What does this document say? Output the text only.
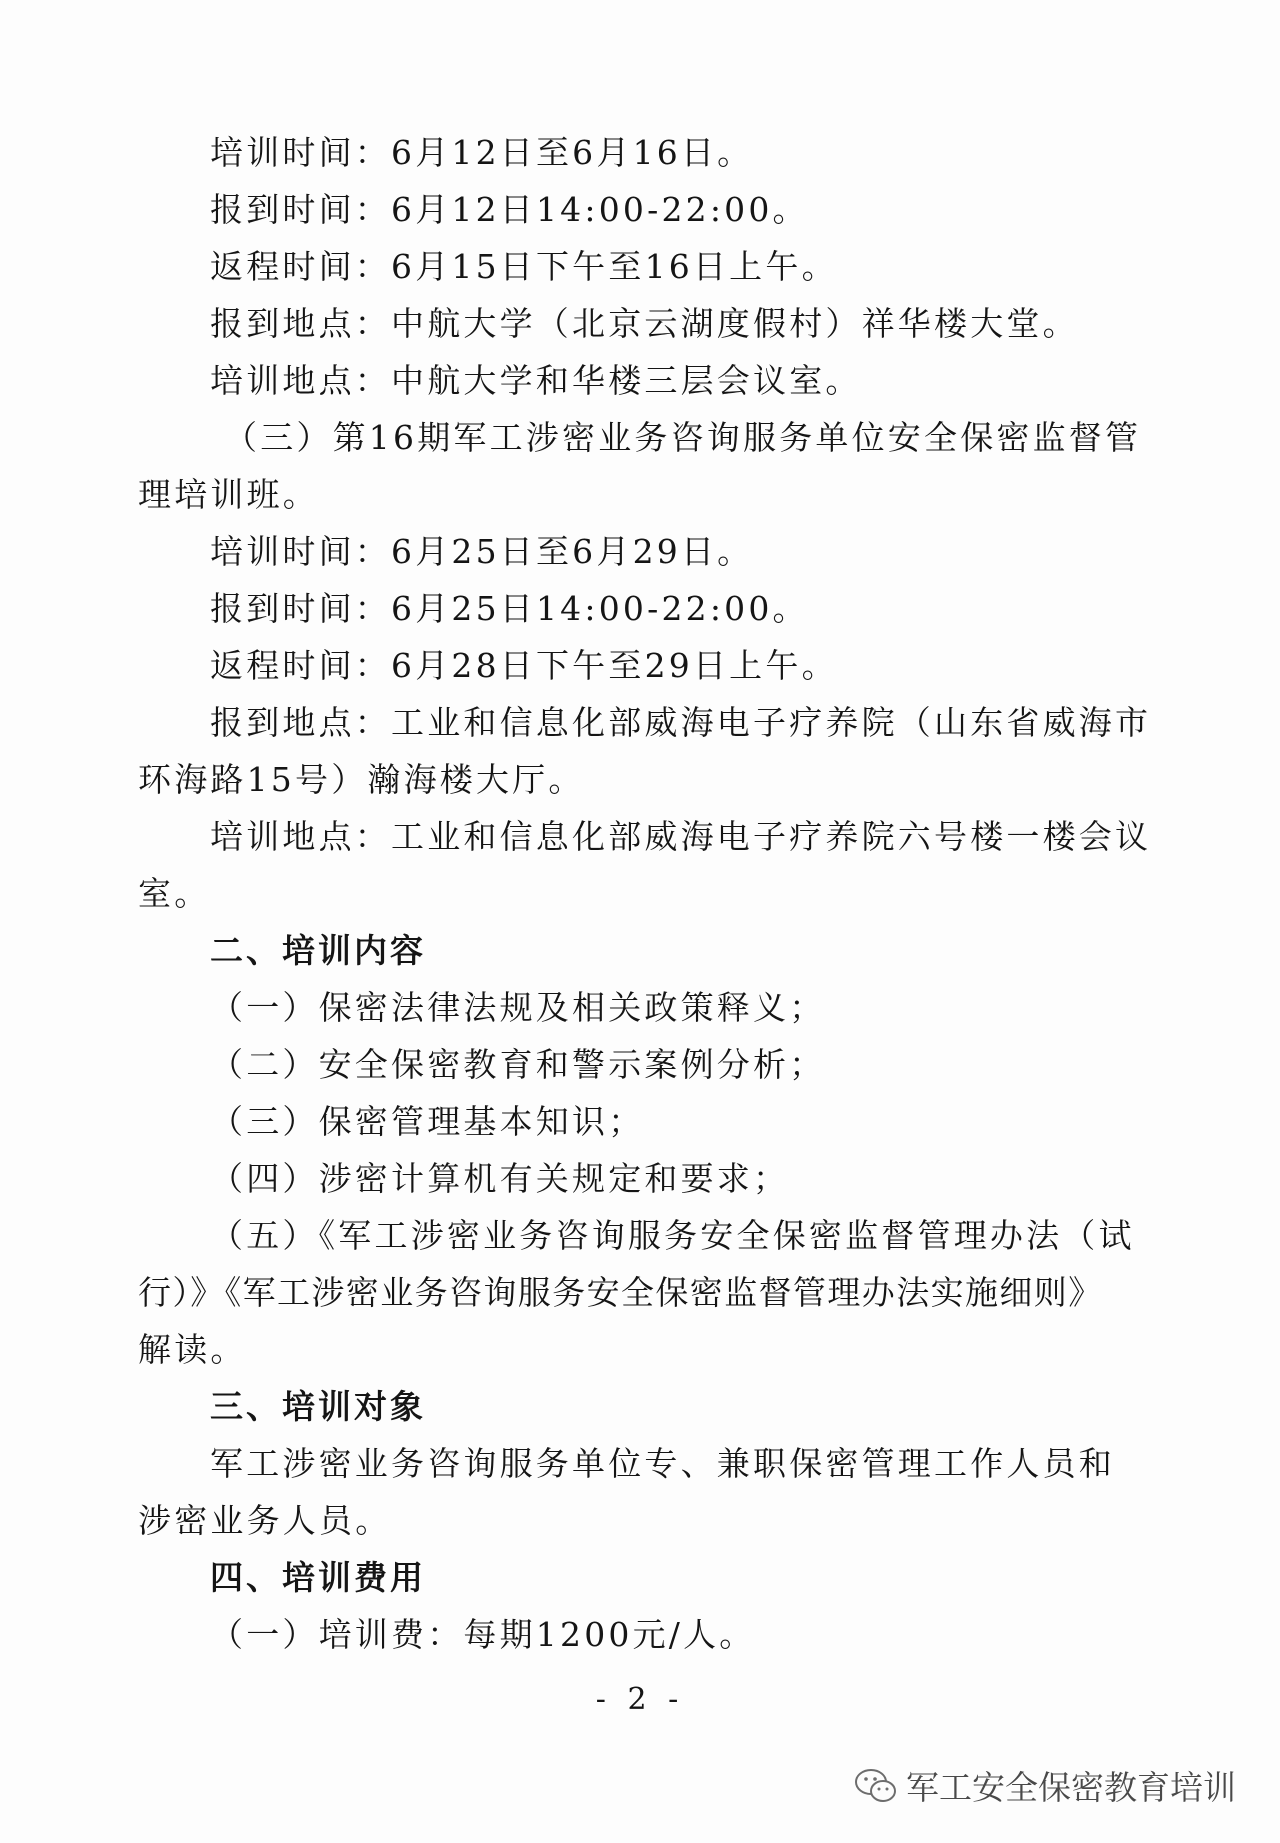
培训时间：6月12日至6月16日。
报到时间：6月12日14:00-22:00。
返程时间：6月15日下午至16日上午。
报到地点：中航大学（北京云湖度假村）祥华楼大堂。
培训地点：中航大学和华楼三层会议室。
（三）第16期军工涉密业务咨询服务单位安全保密监督管
理培训班。
培训时间：6月25日至6月29日。
报到时间：6月25日14:00-22:00。
返程时间：6月28日下午至29日上午。
报到地点：工业和信息化部威海电子疗养院（山东省威海市
环海路15号）瀚海楼大厅。
培训地点：工业和信息化部威海电子疗养院六号楼一楼会议
室。
二、培训内容
（一）保密法律法规及相关政策释义；
（二）安全保密教育和警示案例分析；
（三）保密管理基本知识；
（四）涉密计算机有关规定和要求；
（五）《军工涉密业务咨询服务安全保密监督管理办法（试
行）》《军工涉密业务咨询服务安全保密监督管理办法实施细则》
解读。
三、培训对象
军工涉密业务咨询服务单位专、兼职保密管理工作人员和
涉密业务人员。
四、培训费用
（一）培训费：每期1200元/人。
- 2 -
军工安全保密教育培训
